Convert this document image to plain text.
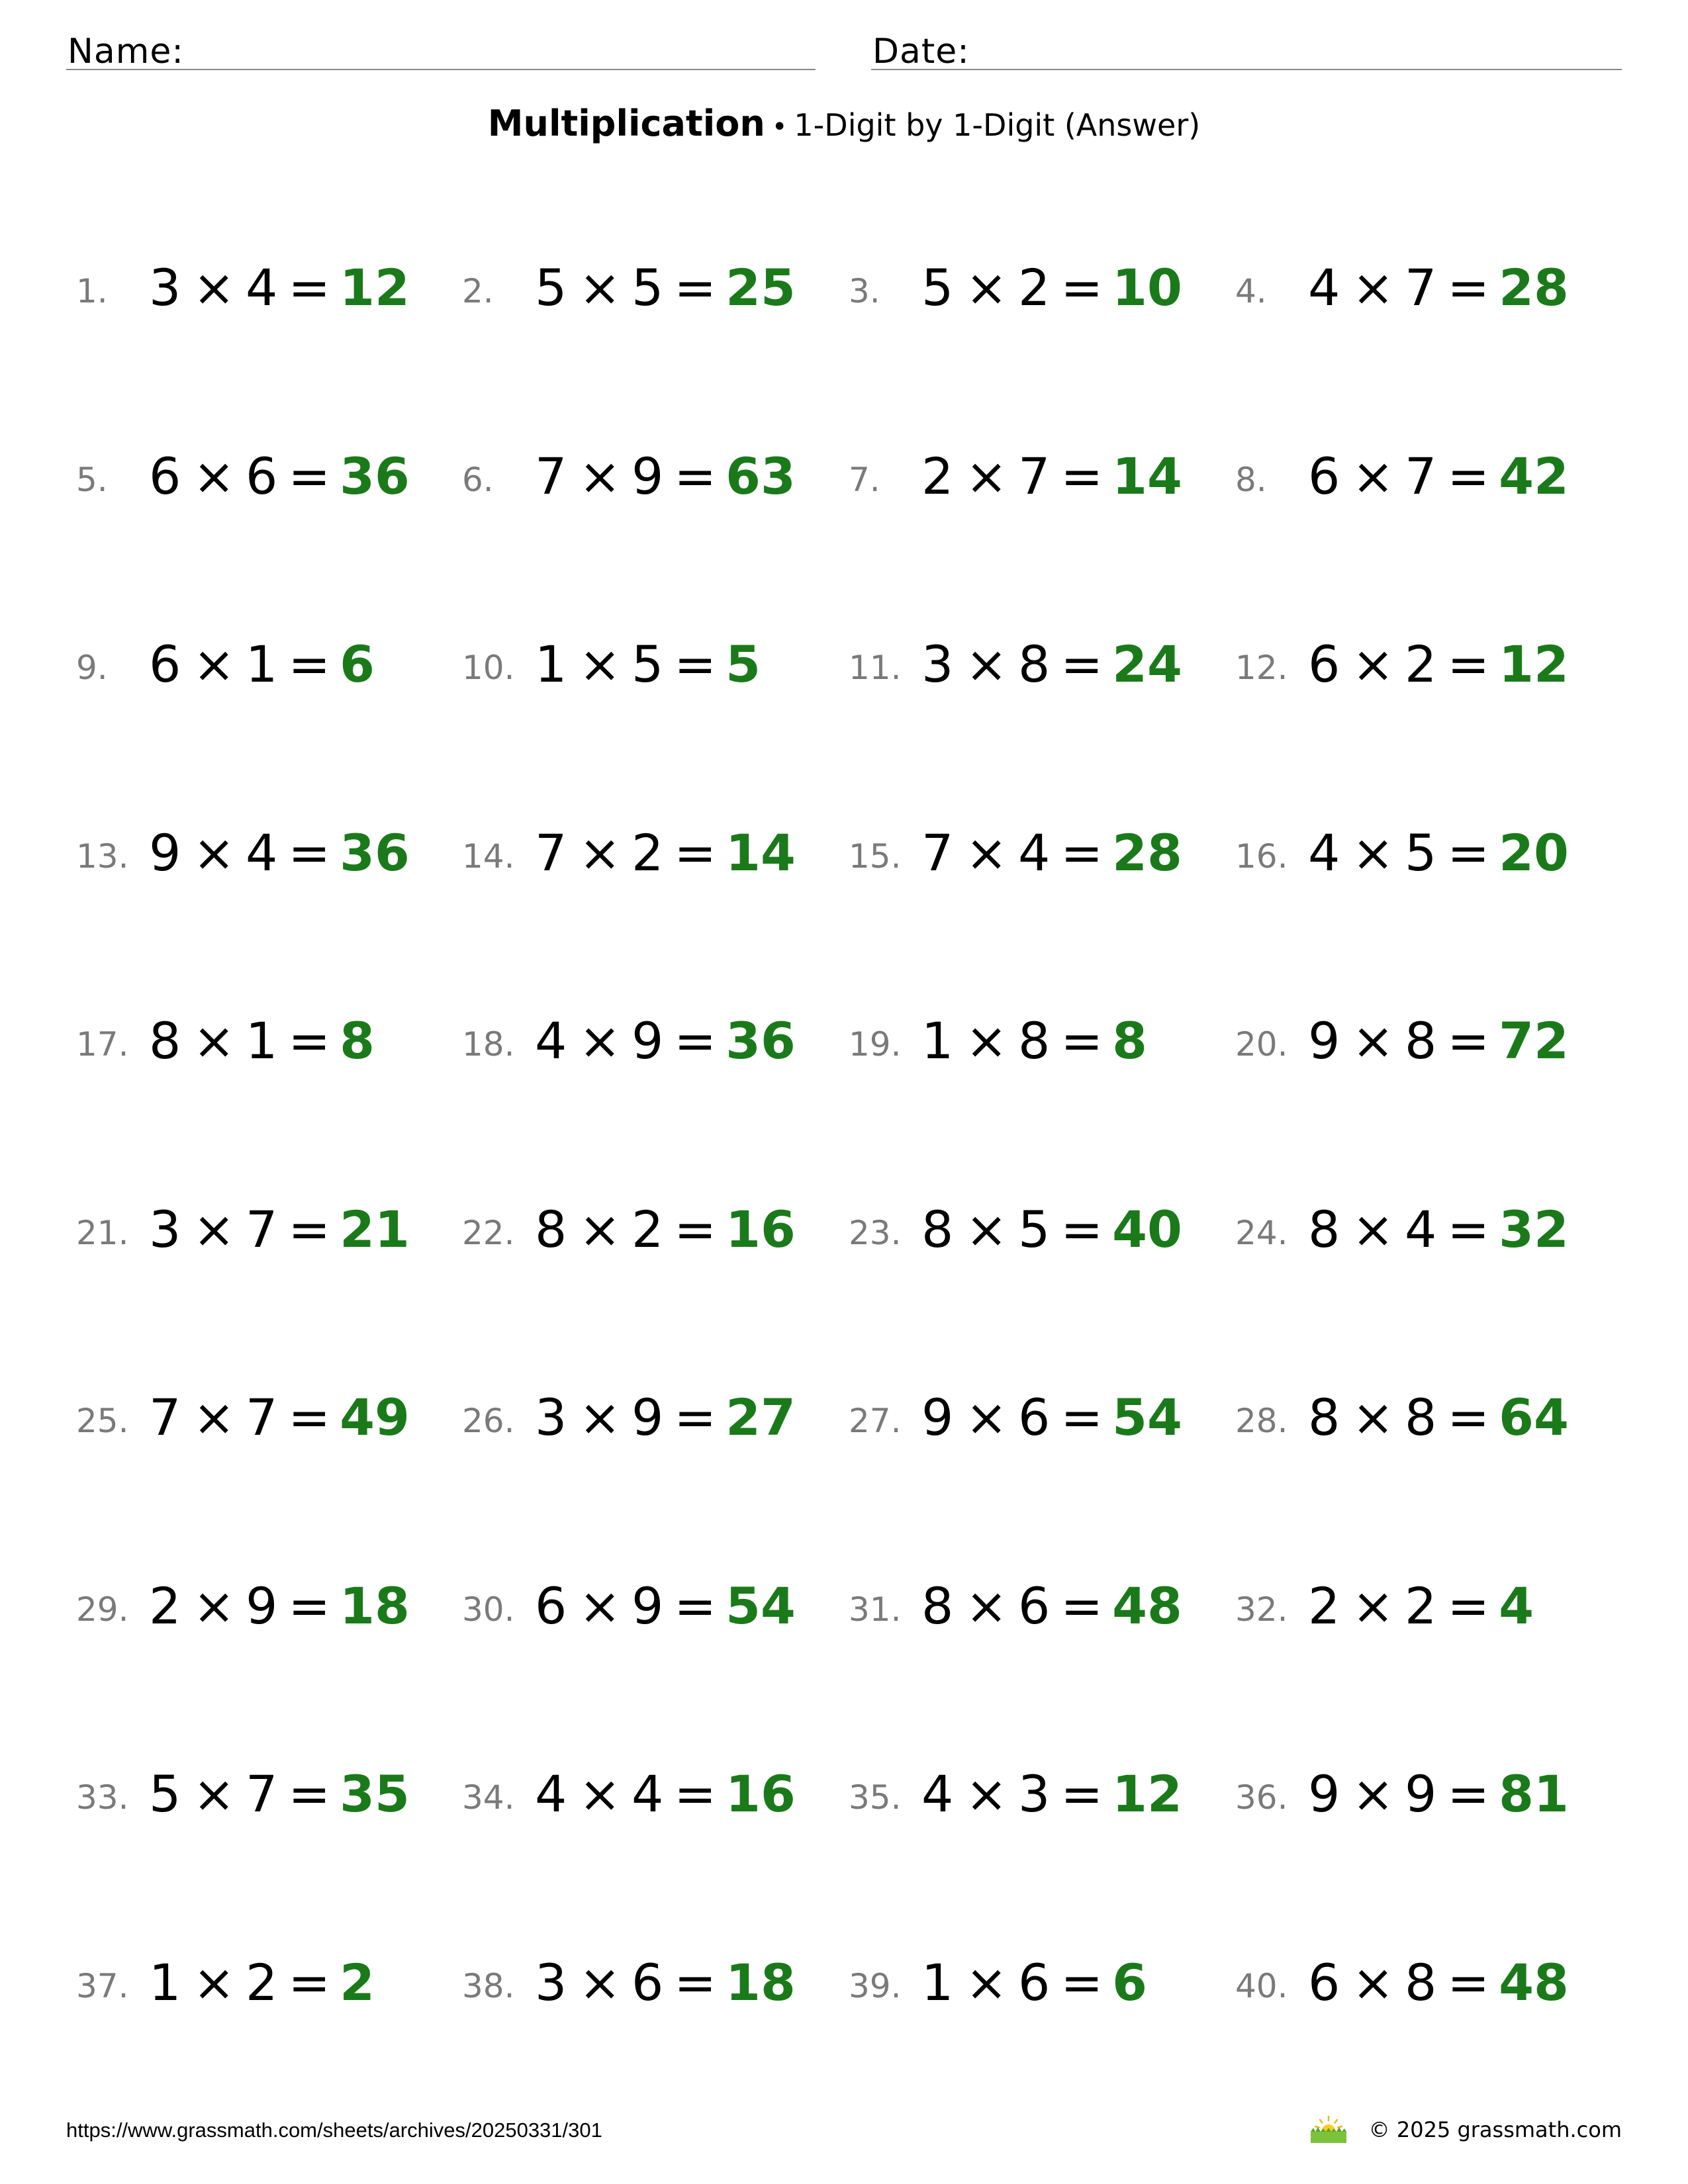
Name:	Date:
Multiplication • 1-Digit by 1-Digit (Answer)
1. 3 × 4 = 12 2. 5 × 5 = 25 3. 5 × 2 = 10 4. 4 × 7 = 28
5. 6 × 6 = 36 6. 7 × 9 = 63 7. 2 × 7 = 14 8. 6 × 7 = 42
9. 6 × 1 = 6	10. 1 × 5 = 5	11. 3 × 8 = 24 12. 6 × 2 = 12
13. 9 × 4 = 36 14. 7 × 2 = 14 15. 7 × 4 = 28 16. 4 × 5 = 20
17. 8 × 1 = 8	18. 4 × 9 = 36 19. 1 × 8 = 8	20. 9 × 8 = 72
21. 3 × 7 = 21 22. 8 × 2 = 16 23. 8 × 5 = 40 24. 8 × 4 = 32
25. 7 × 7 = 49 26. 3 × 9 = 27 27. 9 × 6 = 54 28. 8 × 8 = 64
29. 2 × 9 = 18 30. 6 × 9 = 54 31. 8 × 6 = 48 32. 2 × 2 = 4
33. 5 × 7 = 35 34. 4 × 4 = 16 35. 4 × 3 = 12 36. 9 × 9 = 81
37. 1 × 2 = 2	38. 3 × 6 = 18 39. 1 × 6 = 6	40. 6 × 8 = 48
https://www.grassmath.com/sheets/archives/20250331/301	© 2025 grassmath.com
